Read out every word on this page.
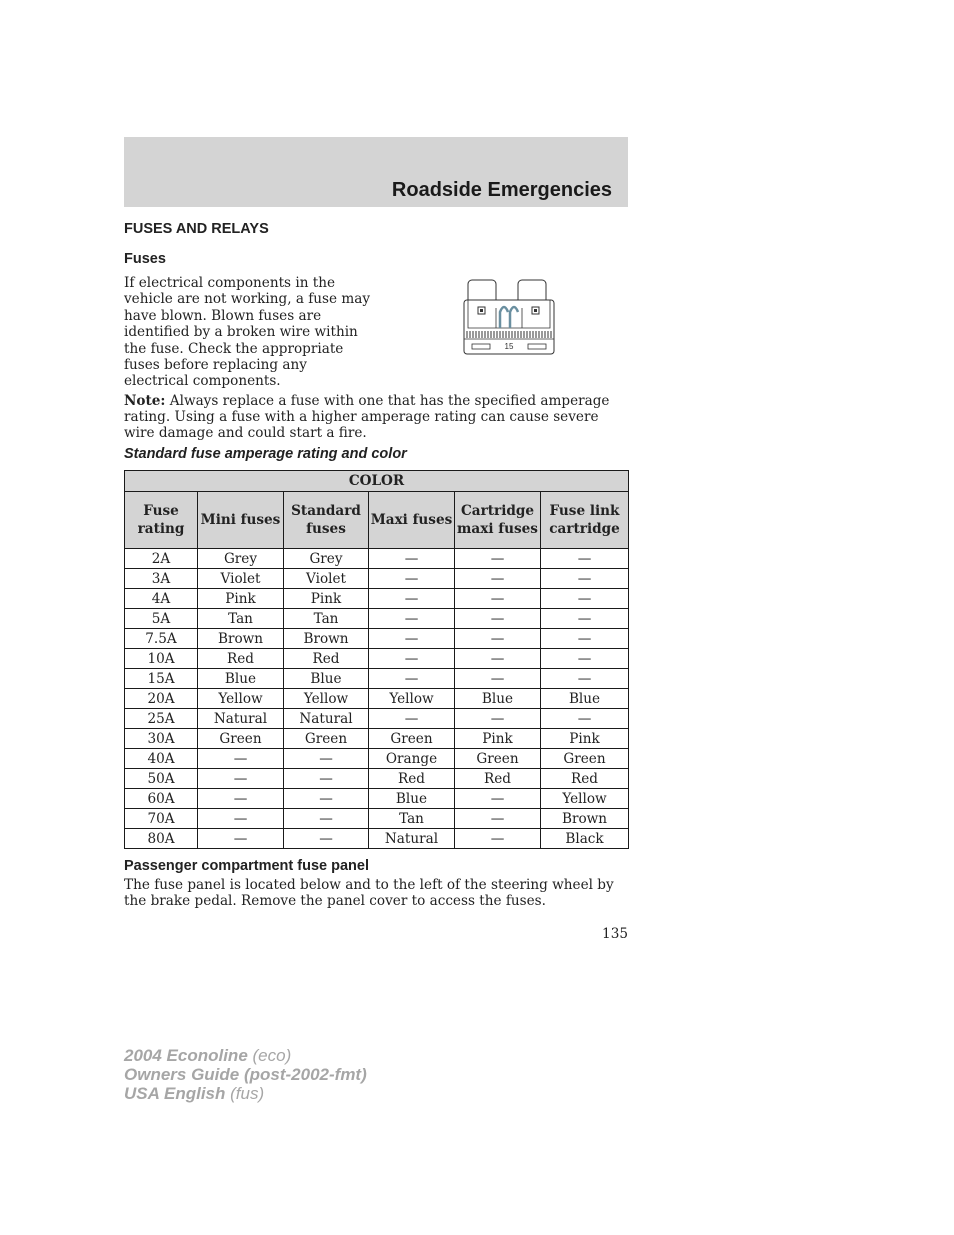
Roadside Emergencies
FUSES AND RELAYS
Fuses

If electrical components in the vehicle are not working, a fuse may have blown. Blown fuses are identified by a broken wire within the fuse. Check the appropriate fuses before replacing any electrical components.

15

Note: Always replace a fuse with one that has the specified amperage rating. Using a fuse with a higher amperage rating can cause severe wire damage and could start a fire.

Standard fuse amperage rating and color
COLOR					
Fuse rating	Mini fuses	Standard fuses	Maxi fuses	Cartridge maxi fuses	Fuse link cartridge
2A	Grey	Grey	—	—	—
3A	Violet	Violet	—	—	—
4A	Pink	Pink	—	—	—
5A	Tan	Tan	—	—	—
7.5A	Brown	Brown	—	—	—
10A	Red	Red	—	—	—
15A	Blue	Blue	—	—	—
20A	Yellow	Yellow	Yellow	Blue	Blue
25A	Natural	Natural	—	—	—
30A	Green	Green	Green	Pink	Pink
40A	—	—	Orange	Green	Green
50A	—	—	Red	Red	Red
60A	—	—	Blue	—	Yellow
70A	—	—	Tan	—	Brown
80A	—	—	Natural	—	Black
Passenger compartment fuse panel

The fuse panel is located below and to the left of the steering wheel by the brake pedal. Remove the panel cover to access the fuses.

135
2004 Econoline (eco)
Owners Guide (post-2002-fmt)
USA English (fus)
